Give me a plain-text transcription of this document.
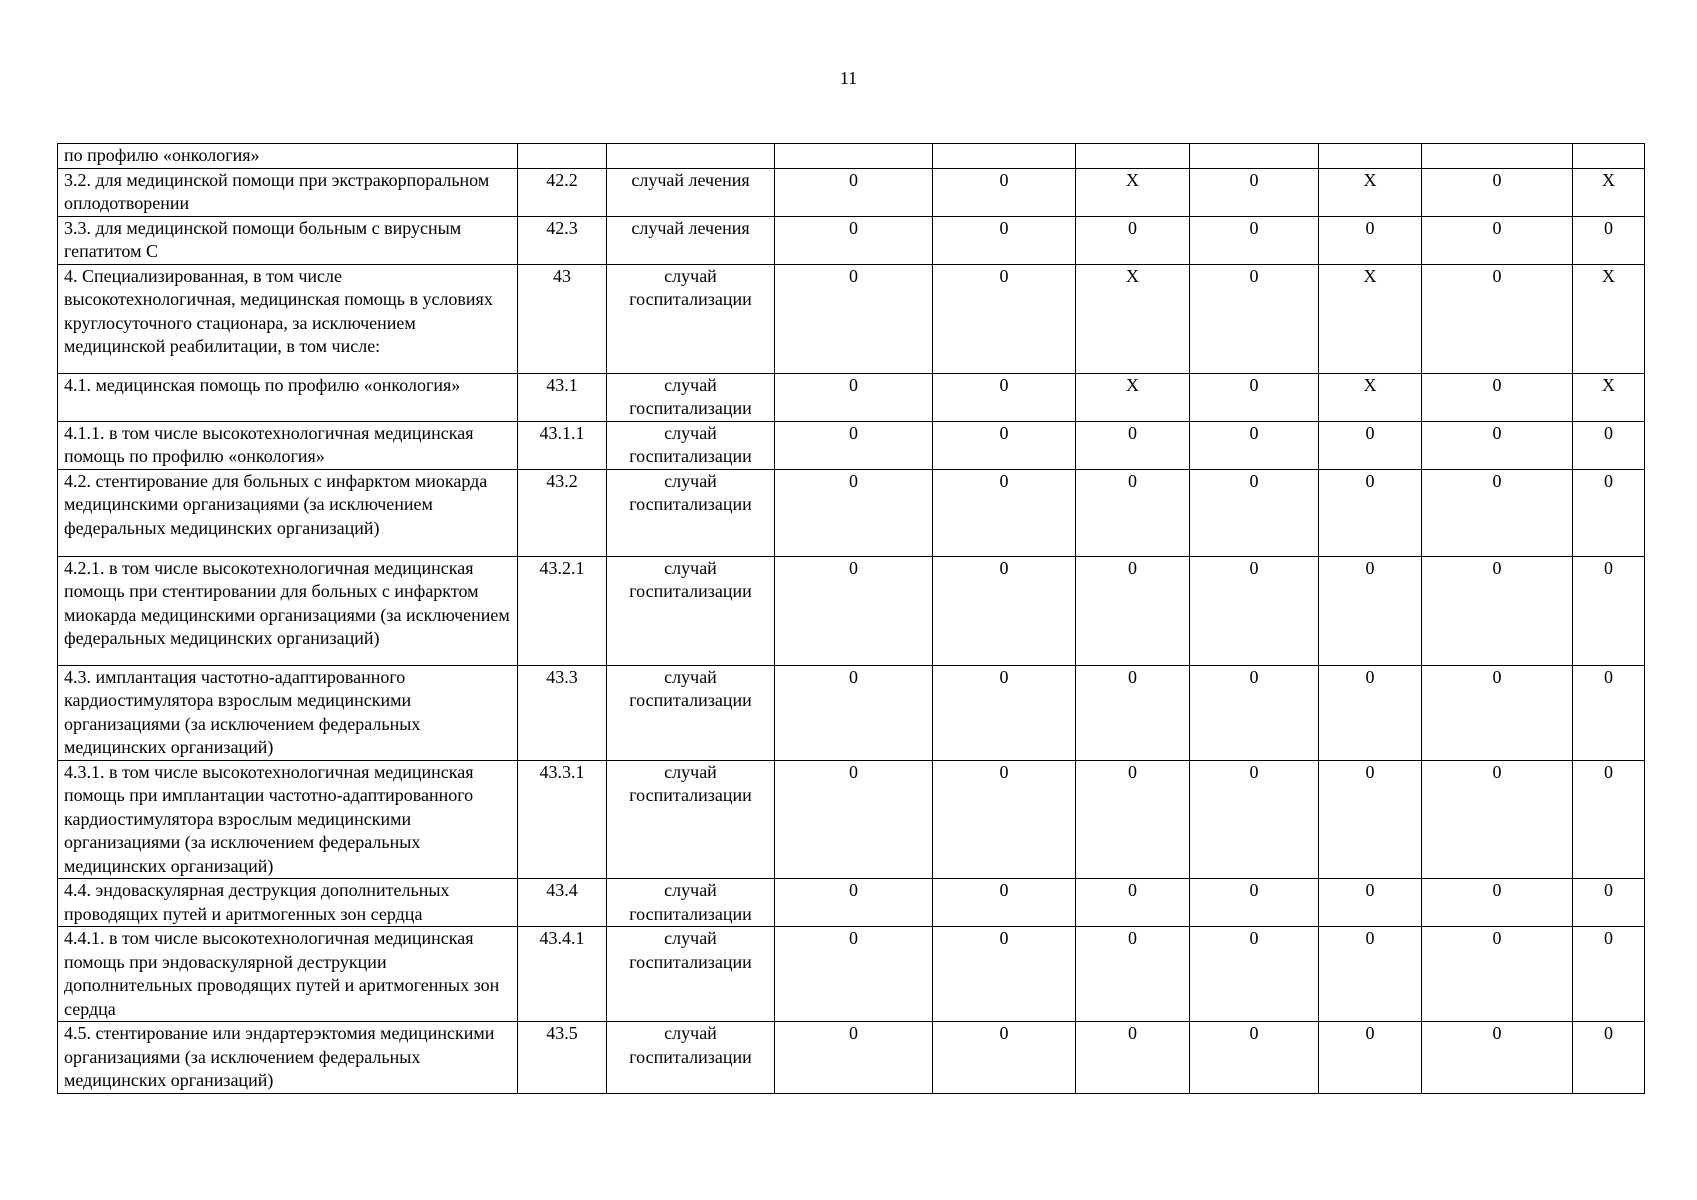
11
по профилю «онкология»									
3.2. для медицинской помощи при экстракорпоральном оплодотворении	42.2	случай лечения	0	0	X	0	X	0	X
3.3. для медицинской помощи больным с вирусным гепатитом С	42.3	случай лечения	0	0	0	0	0	0	0
4. Специализированная, в том числе высокотехнологичная, медицинская помощь в условиях круглосуточного стационара, за исключением медицинской реабилитации, в том числе:	43	случай госпитализации	0	0	X	0	X	0	X
4.1. медицинская помощь по профилю «онкология»	43.1	случай госпитализации	0	0	X	0	X	0	X
4.1.1. в том числе высокотехнологичная медицинская помощь по профилю «онкология»	43.1.1	случай госпитализации	0	0	0	0	0	0	0
4.2. стентирование для больных с инфарктом миокарда медицинскими организациями (за исключением федеральных медицинских организаций)	43.2	случай госпитализации	0	0	0	0	0	0	0
4.2.1. в том числе высокотехнологичная медицинская помощь при стентировании для больных с инфарктом миокарда медицинскими организациями (за исключением федеральных медицинских организаций)	43.2.1	случай госпитализации	0	0	0	0	0	0	0
4.3. имплантация частотно-адаптированного кардиостимулятора взрослым медицинскими организациями (за исключением федеральных медицинских организаций)	43.3	случай госпитализации	0	0	0	0	0	0	0
4.3.1. в том числе высокотехнологичная медицинская помощь при имплантации частотно-адаптированного кардиостимулятора взрослым медицинскими организациями (за исключением федеральных медицинских организаций)	43.3.1	случай госпитализации	0	0	0	0	0	0	0
4.4. эндоваскулярная деструкция дополнительных проводящих путей и аритмогенных зон сердца	43.4	случай госпитализации	0	0	0	0	0	0	0
4.4.1. в том числе высокотехнологичная медицинская помощь при эндоваскулярной деструкции дополнительных проводящих путей и аритмогенных зон сердца	43.4.1	случай госпитализации	0	0	0	0	0	0	0
4.5. стентирование или эндартерэктомия медицинскими организациями (за исключением федеральных медицинских организаций)	43.5	случай госпитализации	0	0	0	0	0	0	0
